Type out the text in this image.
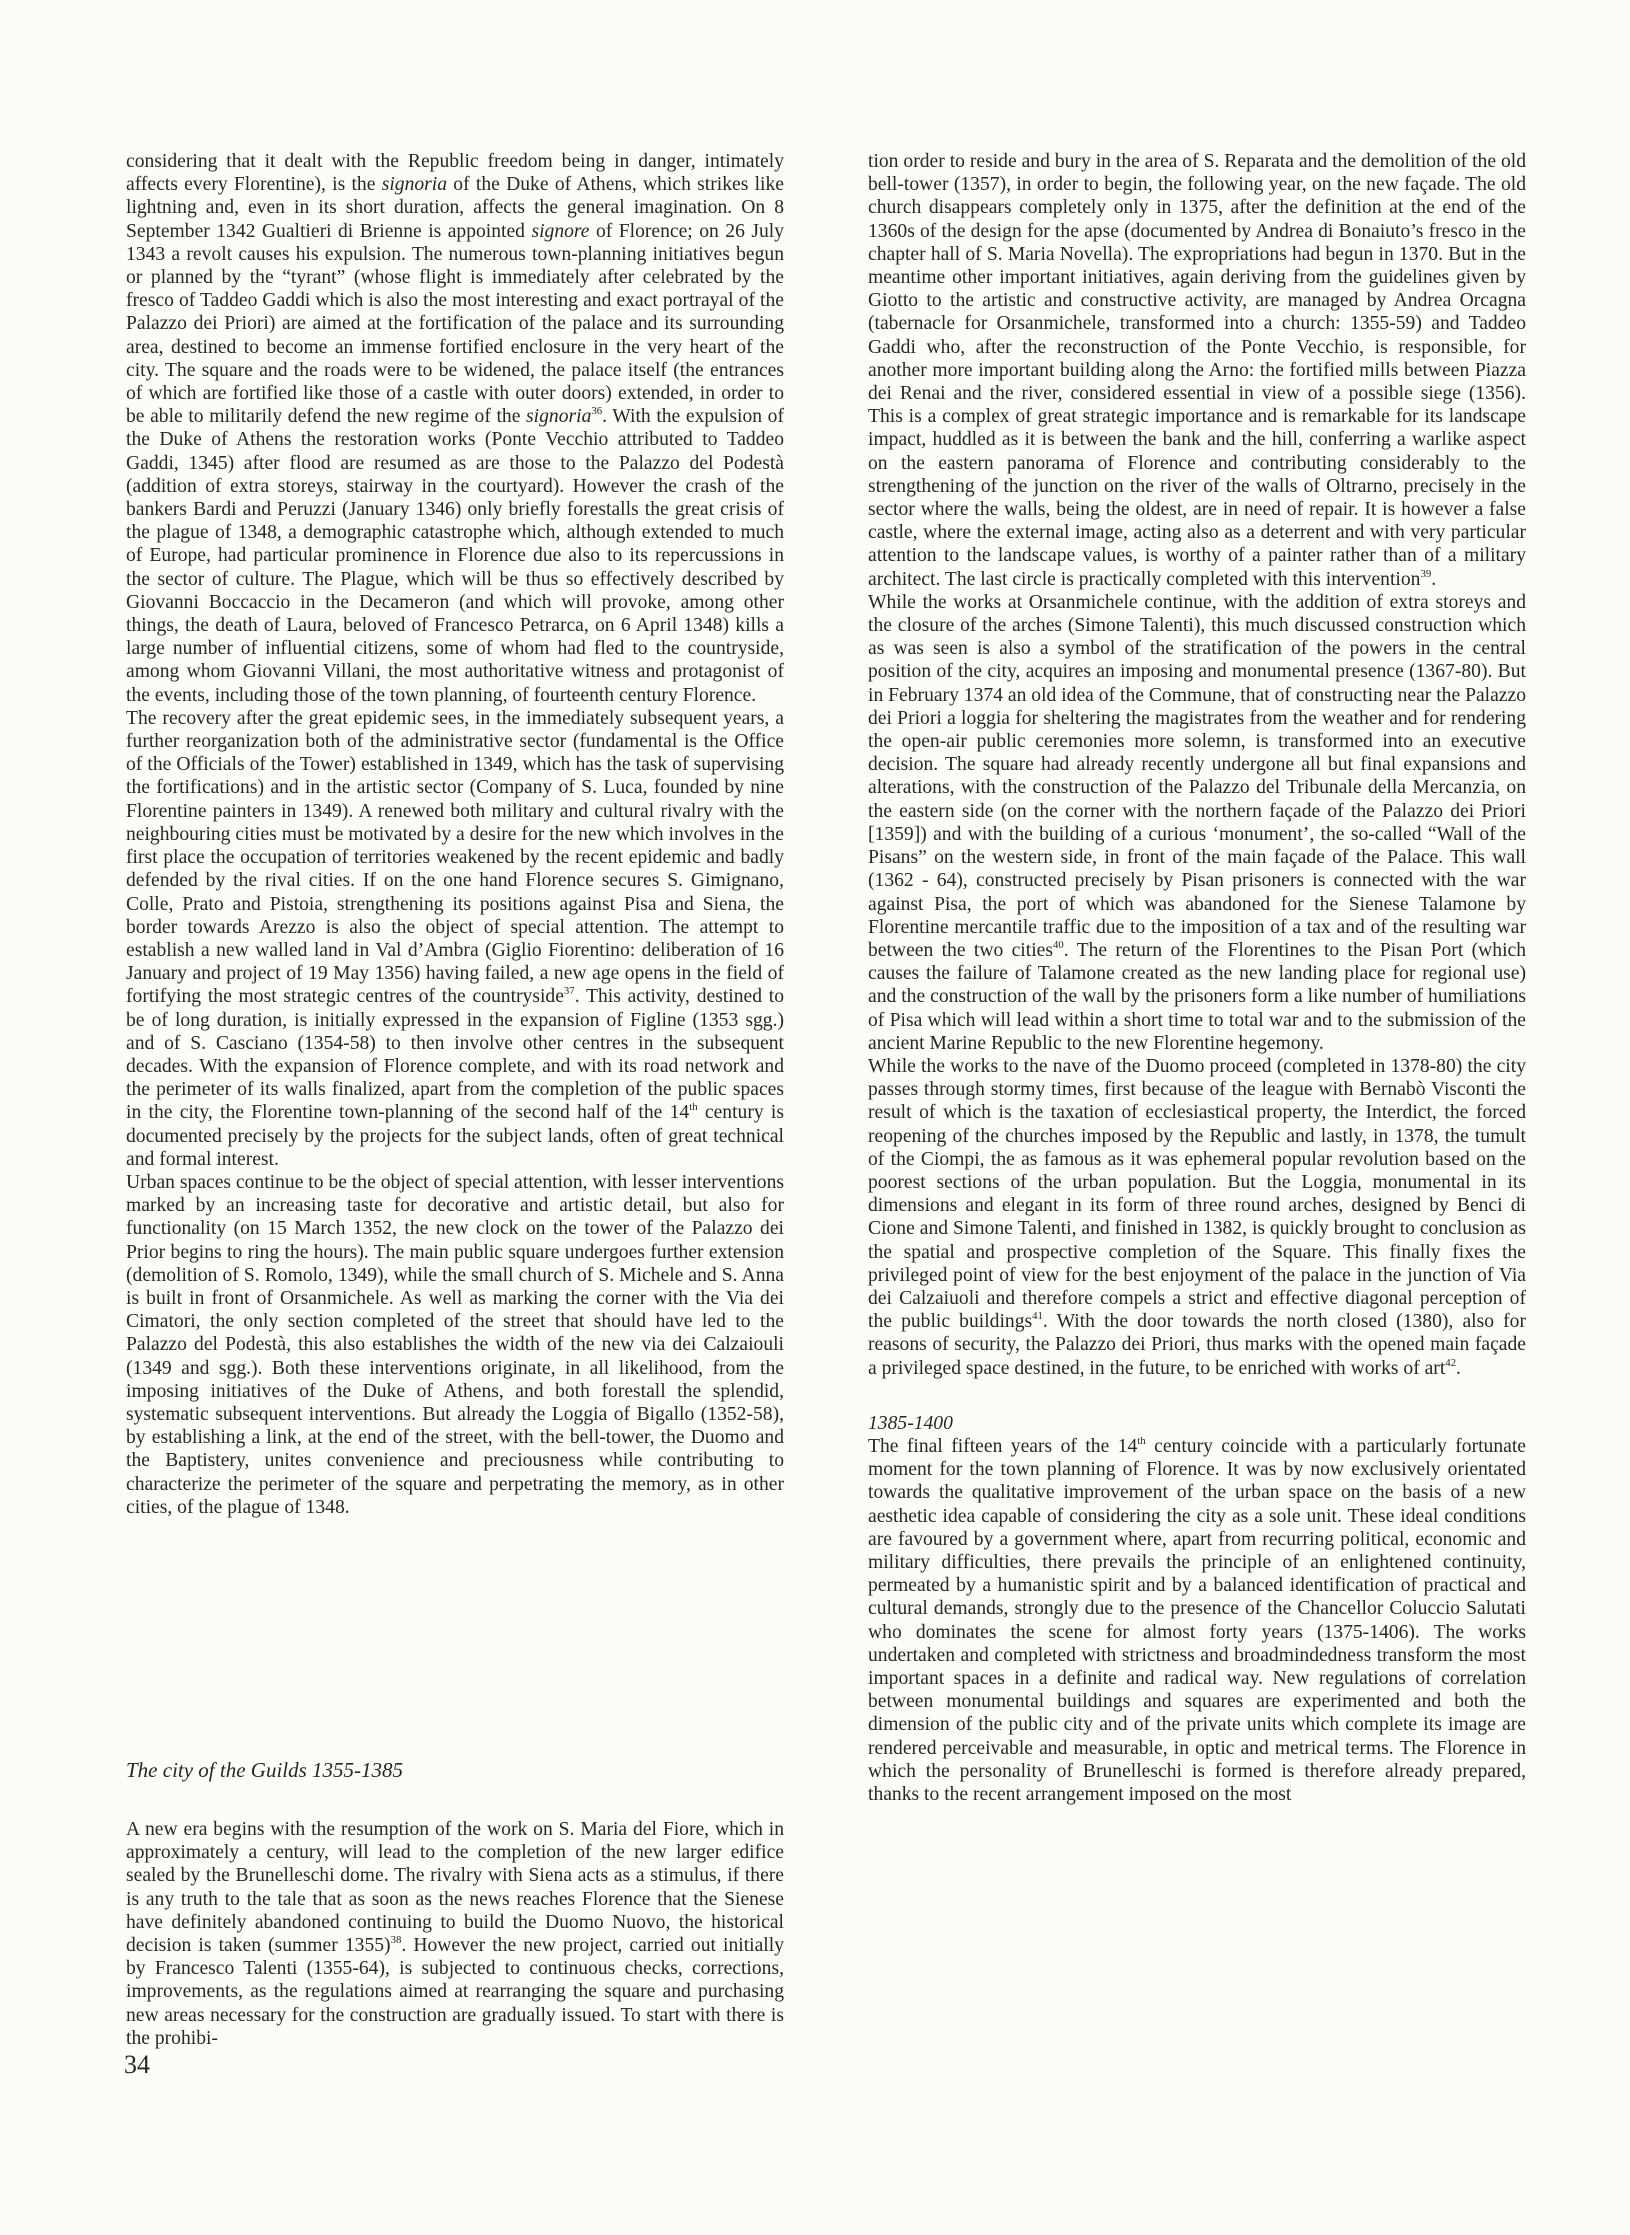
considering that it dealt with the Republic freedom being in danger, intimately affects every Florentine), is the signoria of the Duke of Athens, which strikes like lightning and, even in its short duration, affects the general imagination. On 8 September 1342 Gualtieri di Brienne is appointed signore of Florence; on 26 July 1343 a revolt causes his expulsion. The numerous town-planning initiatives begun or planned by the “tyrant” (whose flight is immediately after celebrated by the fresco of Taddeo Gaddi which is also the most interesting and exact portrayal of the Palazzo dei Priori) are aimed at the fortification of the palace and its surrounding area, destined to become an immense fortified enclosure in the very heart of the city. The square and the roads were to be widened, the palace itself (the entrances of which are fortified like those of a castle with outer doors) extended, in order to be able to militarily defend the new regime of the signoria$^{36}$. With the expulsion of the Duke of Athens the restoration works (Ponte Vecchio attributed to Taddeo Gaddi, 1345) after flood are resumed as are those to the Palazzo del Podestà (addition of extra storeys, stairway in the courtyard). However the crash of the bankers Bardi and Peruzzi (January 1346) only briefly forestalls the great crisis of the plague of 1348, a demographic catastrophe which, although extended to much of Europe, had particular prominence in Florence due also to its repercussions in the sector of culture. The Plague, which will be thus so effectively described by Giovanni Boccaccio in the Decameron (and which will provoke, among other things, the death of Laura, beloved of Francesco Petrarca, on 6 April 1348) kills a large number of influential citizens, some of whom had fled to the countryside, among whom Giovanni Villani, the most authoritative witness and protagonist of the events, including those of the town planning, of fourteenth century Florence.

The recovery after the great epidemic sees, in the immediately subsequent years, a further reorganization both of the administrative sector (fundamental is the Office of the Officials of the Tower) established in 1349, which has the task of supervising the fortifications) and in the artistic sector (Company of S. Luca, founded by nine Florentine painters in 1349). A renewed both military and cultural rivalry with the neighbouring cities must be motivated by a desire for the new which involves in the first place the occupation of territories weakened by the recent epidemic and badly defended by the rival cities. If on the one hand Florence secures S. Gimignano, Colle, Prato and Pistoia, strengthening its positions against Pisa and Siena, the border towards Arezzo is also the object of special attention. The attempt to establish a new walled land in Val d’Ambra (Giglio Fiorentino: deliberation of 16 January and project of 19 May 1356) having failed, a new age opens in the field of fortifying the most strategic centres of the countryside$^{37}$. This activity, destined to be of long duration, is initially expressed in the expansion of Figline (1353 sgg.) and of S. Casciano (1354-58) to then involve other centres in the subsequent decades. With the expansion of Florence complete, and with its road network and the perimeter of its walls finalized, apart from the completion of the public spaces in the city, the Florentine town-planning of the second half of the 14th century is documented precisely by the projects for the subject lands, often of great technical and formal interest.

Urban spaces continue to be the object of special attention, with lesser interventions marked by an increasing taste for decorative and artistic detail, but also for functionality (on 15 March 1352, the new clock on the tower of the Palazzo dei Prior begins to ring the hours). The main public square undergoes further extension (demolition of S. Romolo, 1349), while the small church of S. Michele and S. Anna is built in front of Orsanmichele. As well as marking the corner with the Via dei Cimatori, the only section completed of the street that should have led to the Palazzo del Podestà, this also establishes the width of the new via dei Calzaiouli (1349 and sgg.). Both these interventions originate, in all likelihood, from the imposing initiatives of the Duke of Athens, and both forestall the splendid, systematic subsequent interventions. But already the Loggia of Bigallo (1352-58), by establishing a link, at the end of the street, with the bell-tower, the Duomo and the Baptistery, unites convenience and preciousness while contributing to characterize the perimeter of the square and perpetrating the memory, as in other cities, of the plague of 1348.

The city of the Guilds 1355-1385

A new era begins with the resumption of the work on S. Maria del Fiore, which in approximately a century, will lead to the completion of the new larger edifice sealed by the Brunelleschi dome. The rivalry with Siena acts as a stimulus, if there is any truth to the tale that as soon as the news reaches Florence that the Sienese have definitely abandoned continuing to build the Duomo Nuovo, the historical decision is taken (summer 1355)$^{38}$. However the new project, carried out initially by Francesco Talenti (1355-64), is subjected to continuous checks, corrections, improvements, as the regulations aimed at rearranging the square and purchasing new areas necessary for the construction are gradually issued. To start with there is the prohibi-

tion order to reside and bury in the area of S. Reparata and the demolition of the old bell-tower (1357), in order to begin, the following year, on the new façade. The old church disappears completely only in 1375, after the definition at the end of the 1360s of the design for the apse (documented by Andrea di Bonaiuto’s fresco in the chapter hall of S. Maria Novella). The expropriations had begun in 1370. But in the meantime other important initiatives, again deriving from the guidelines given by Giotto to the artistic and constructive activity, are managed by Andrea Orcagna (tabernacle for Orsanmichele, transformed into a church: 1355-59) and Taddeo Gaddi who, after the reconstruction of the Ponte Vecchio, is responsible, for another more important building along the Arno: the fortified mills between Piazza dei Renai and the river, considered essential in view of a possible siege (1356). This is a complex of great strategic importance and is remarkable for its landscape impact, huddled as it is between the bank and the hill, conferring a warlike aspect on the eastern panorama of Florence and contributing considerably to the strengthening of the junction on the river of the walls of Oltrarno, precisely in the sector where the walls, being the oldest, are in need of repair. It is however a false castle, where the external image, acting also as a deterrent and with very particular attention to the landscape values, is worthy of a painter rather than of a military architect. The last circle is practically completed with this intervention$^{39}$.

While the works at Orsanmichele continue, with the addition of extra storeys and the closure of the arches (Simone Talenti), this much discussed construction which as was seen is also a symbol of the stratification of the powers in the central position of the city, acquires an imposing and monumental presence (1367-80). But in February 1374 an old idea of the Commune, that of constructing near the Palazzo dei Priori a loggia for sheltering the magistrates from the weather and for rendering the open-air public ceremonies more solemn, is transformed into an executive decision. The square had already recently undergone all but final expansions and alterations, with the construction of the Palazzo del Tribunale della Mercanzia, on the eastern side (on the corner with the northern façade of the Palazzo dei Priori [1359]) and with the building of a curious ‘monument’, the so-called “Wall of the Pisans” on the western side, in front of the main façade of the Palace. This wall (1362 - 64), constructed precisely by Pisan prisoners is connected with the war against Pisa, the port of which was abandoned for the Sienese Talamone by Florentine mercantile traffic due to the imposition of a tax and of the resulting war between the two cities$^{40}$. The return of the Florentines to the Pisan Port (which causes the failure of Talamone created as the new landing place for regional use) and the construction of the wall by the prisoners form a like number of humiliations of Pisa which will lead within a short time to total war and to the submission of the ancient Marine Republic to the new Florentine hegemony.

While the works to the nave of the Duomo proceed (completed in 1378-80) the city passes through stormy times, first because of the league with Bernabò Visconti the result of which is the taxation of ecclesiastical property, the Interdict, the forced reopening of the churches imposed by the Republic and lastly, in 1378, the tumult of the Ciompi, the as famous as it was ephemeral popular revolution based on the poorest sections of the urban population. But the Loggia, monumental in its dimensions and elegant in its form of three round arches, designed by Benci di Cione and Simone Talenti, and finished in 1382, is quickly brought to conclusion as the spatial and prospective completion of the Square. This finally fixes the privileged point of view for the best enjoyment of the palace in the junction of Via dei Calzaiuoli and therefore compels a strict and effective diagonal perception of the public buildings$^{41}$. With the door towards the north closed (1380), also for reasons of security, the Palazzo dei Priori, thus marks with the opened main façade a privileged space destined, in the future, to be enriched with works of art$^{42}$.

1385-1400

The final fifteen years of the 14th century coincide with a particularly fortunate moment for the town planning of Florence. It was by now exclusively orientated towards the qualitative improvement of the urban space on the basis of a new aesthetic idea capable of considering the city as a sole unit. These ideal conditions are favoured by a government where, apart from recurring political, economic and military difficulties, there prevails the principle of an enlightened continuity, permeated by a humanistic spirit and by a balanced identification of practical and cultural demands, strongly due to the presence of the Chancellor Coluccio Salutati who dominates the scene for almost forty years (1375-1406). The works undertaken and completed with strictness and broadmindedness transform the most important spaces in a definite and radical way. New regulations of correlation between monumental buildings and squares are experimented and both the dimension of the public city and of the private units which complete its image are rendered perceivable and measurable, in optic and metrical terms. The Florence in which the personality of Brunelleschi is formed is therefore already prepared, thanks to the recent arrangement imposed on the most

34
